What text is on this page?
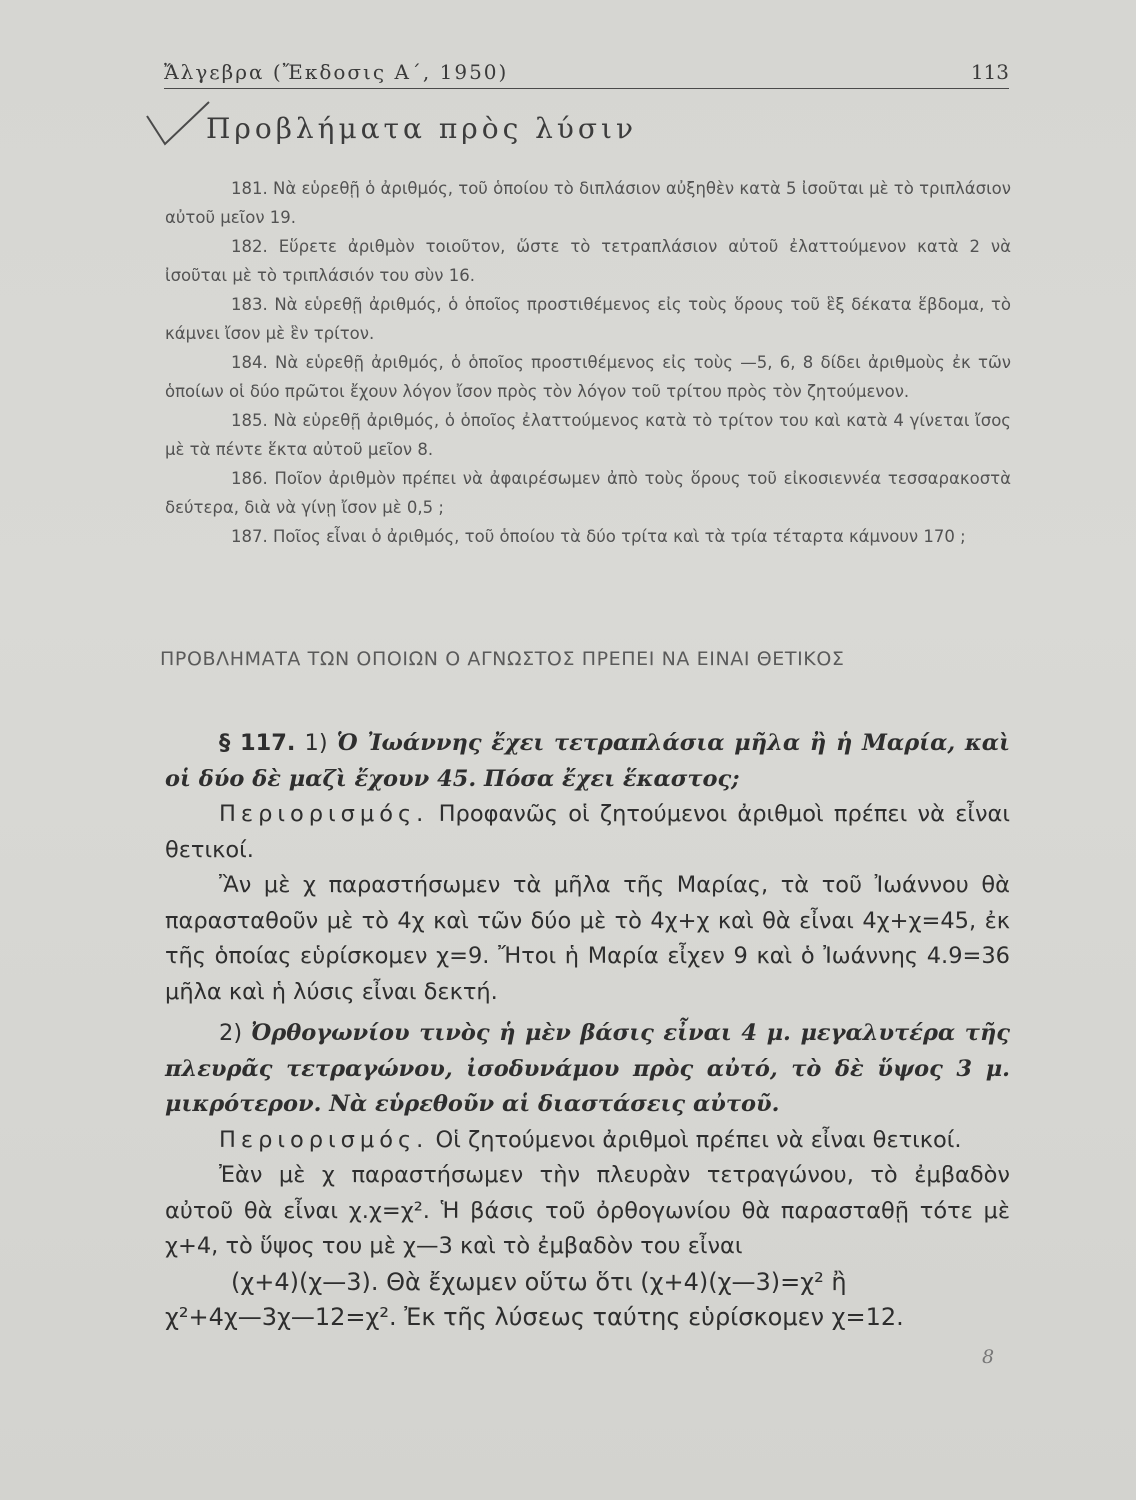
Ἄλγεβρα (Ἔκδοσις Α΄, 1950)	113
Προβλήματα πρὸς λύσιν

181. Νὰ εὑρεθῇ ὁ ἀριθμός, τοῦ ὁποίου τὸ διπλάσιον αὐξηθὲν κατὰ 5 ἰσοῦται μὲ τὸ τριπλάσιον αὐτοῦ μεῖον 19.

182. Εὕρετε ἀριθμὸν τοιοῦτον, ὥστε τὸ τετραπλάσιον αὐτοῦ ἐλαττούμενον κατὰ 2 νὰ ἰσοῦται μὲ τὸ τριπλάσιόν του σὺν 16.

183. Νὰ εὑρεθῇ ἀριθμός, ὁ ὁποῖος προστιθέμενος εἰς τοὺς ὅρους τοῦ ἓξ δέκατα ἕβδομα, τὸ κάμνει ἴσον μὲ ἓν τρίτον.

184. Νὰ εὑρεθῇ ἀριθμός, ὁ ὁποῖος προστιθέμενος εἰς τοὺς —5, 6, 8 δίδει ἀριθμοὺς ἐκ τῶν ὁποίων οἱ δύο πρῶτοι ἔχουν λόγον ἴσον πρὸς τὸν λόγον τοῦ τρίτου πρὸς τὸν ζητούμενον.

185. Νὰ εὑρεθῇ ἀριθμός, ὁ ὁποῖος ἐλαττούμενος κατὰ τὸ τρίτον του καὶ κατὰ 4 γίνεται ἴσος μὲ τὰ πέντε ἕκτα αὐτοῦ μεῖον 8.

186. Ποῖον ἀριθμὸν πρέπει νὰ ἀφαιρέσωμεν ἀπὸ τοὺς ὅρους τοῦ εἰκοσιεννέα τεσσαρακοστὰ δεύτερα, διὰ νὰ γίνῃ ἴσον μὲ 0,5 ;

187. Ποῖος εἶναι ὁ ἀριθμός, τοῦ ὁποίου τὰ δύο τρίτα καὶ τὰ τρία τέταρτα κάμνουν 170 ;

ΠΡΟΒΛΗΜΑΤΑ ΤΩΝ ΟΠΟΙΩΝ Ο ΑΓΝΩΣΤΟΣ ΠΡΕΠΕΙ ΝΑ ΕΙΝΑΙ ΘΕΤΙΚΟΣ

§ 117. 1) Ὁ Ἰωάννης ἔχει τετραπλάσια μῆλα ἢ ἡ Μαρία, καὶ οἱ δύο δὲ μαζὶ ἔχουν 45. Πόσα ἔχει ἕκαστος;

Περιορισμός. Προφανῶς οἱ ζητούμενοι ἀριθμοὶ πρέπει νὰ εἶναι θετικοί.

Ἂν μὲ χ παραστήσωμεν τὰ μῆλα τῆς Μαρίας, τὰ τοῦ Ἰωάννου θὰ παρασταθοῦν μὲ τὸ 4χ καὶ τῶν δύο μὲ τὸ 4χ+χ καὶ θὰ εἶναι 4χ+χ=45, ἐκ τῆς ὁποίας εὑρίσκομεν χ=9. Ἤτοι ἡ Μαρία εἶχεν 9 καὶ ὁ Ἰωάννης 4.9=36 μῆλα καὶ ἡ λύσις εἶναι δεκτή.

2) Ὀρθογωνίου τινὸς ἡ μὲν βάσις εἶναι 4 μ. μεγαλυτέρα τῆς πλευρᾶς τετραγώνου, ἰσοδυνάμου πρὸς αὐτό, τὸ δὲ ὕψος 3 μ. μικρότερον. Νὰ εὑρεθοῦν αἱ διαστάσεις αὐτοῦ.

Περιορισμός. Οἱ ζητούμενοι ἀριθμοὶ πρέπει νὰ εἶναι θετικοί.

Ἐὰν μὲ χ παραστήσωμεν τὴν πλευρὰν τετραγώνου, τὸ ἐμβαδὸν αὐτοῦ θὰ εἶναι χ.χ=χ². Ἡ βάσις τοῦ ὀρθογωνίου θὰ παρασταθῇ τότε μὲ χ+4, τὸ ὕψος του μὲ χ—3 καὶ τὸ ἐμβαδὸν του εἶναι

(χ+4)(χ—3). Θὰ ἔχωμεν οὕτω ὅτι (χ+4)(χ—3)=χ² ἢ

χ²+4χ—3χ—12=χ². Ἐκ τῆς λύσεως ταύτης εὑρίσκομεν χ=12.

8
